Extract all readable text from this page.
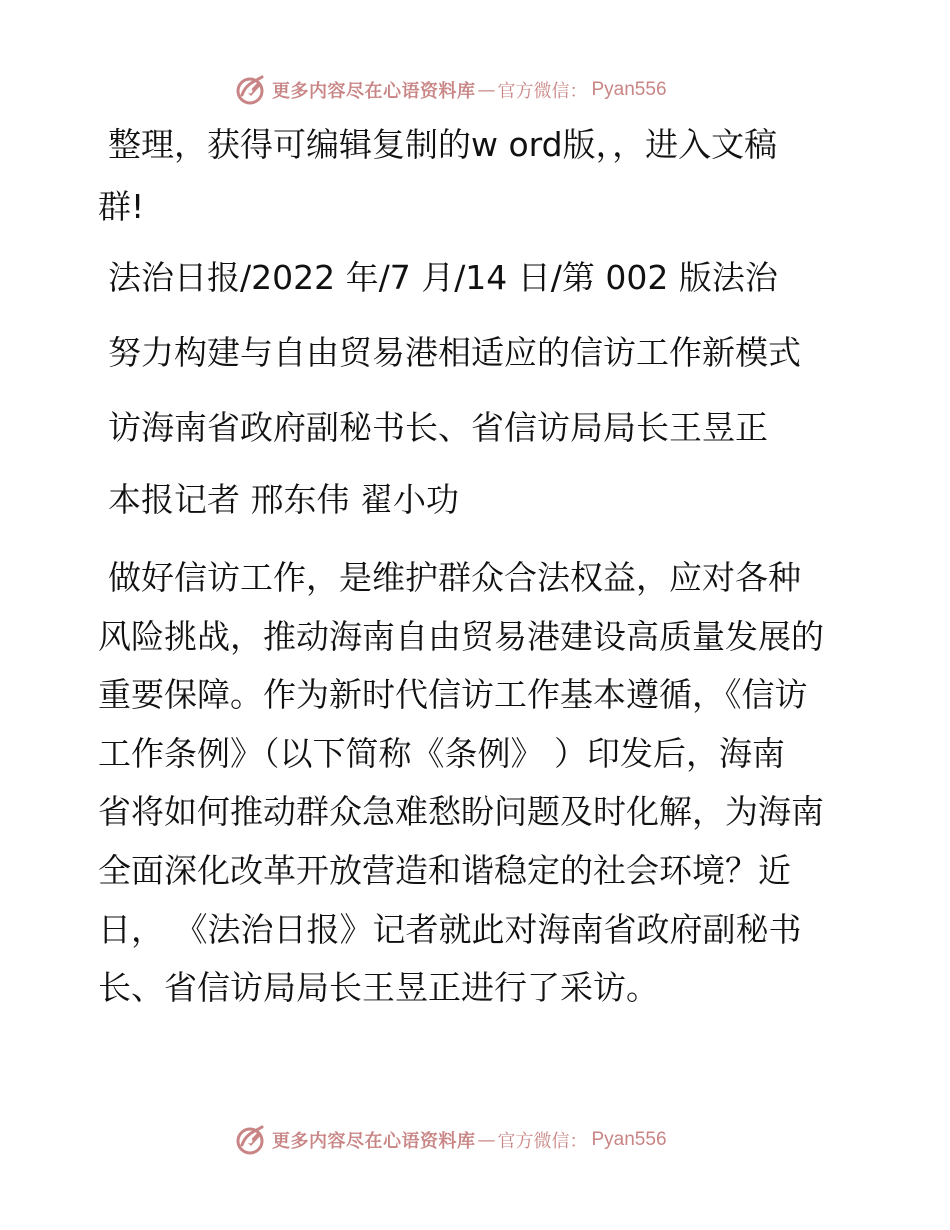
更多内容尽在心语资料库 — 官方微信： Pyan556
整理，获得可编辑复制的w ord版，，进入文稿
群!
法治日报/2022 年/7 月/14 日/第 002 版法治
努力构建与自由贸易港相适应的信访工作新模式
访海南省政府副秘书长、省信访局局长王昱正
本报记者 邢东伟 翟小功
做好信访工作，是维护群众合法权益，应对各种
风险挑战，推动海南自由贸易港建设高质量发展的
重要保障。作为新时代信访工作基本遵循，《信访
工作条例》（以下简称《条例》 ）印发后，海南
省将如何推动群众急难愁盼问题及时化解，为海南
全面深化改革开放营造和谐稳定的社会环境？近
日， 《法治日报》记者就此对海南省政府副秘书
长、省信访局局长王昱正进行了采访。
更多内容尽在心语资料库 — 官方微信： Pyan556
